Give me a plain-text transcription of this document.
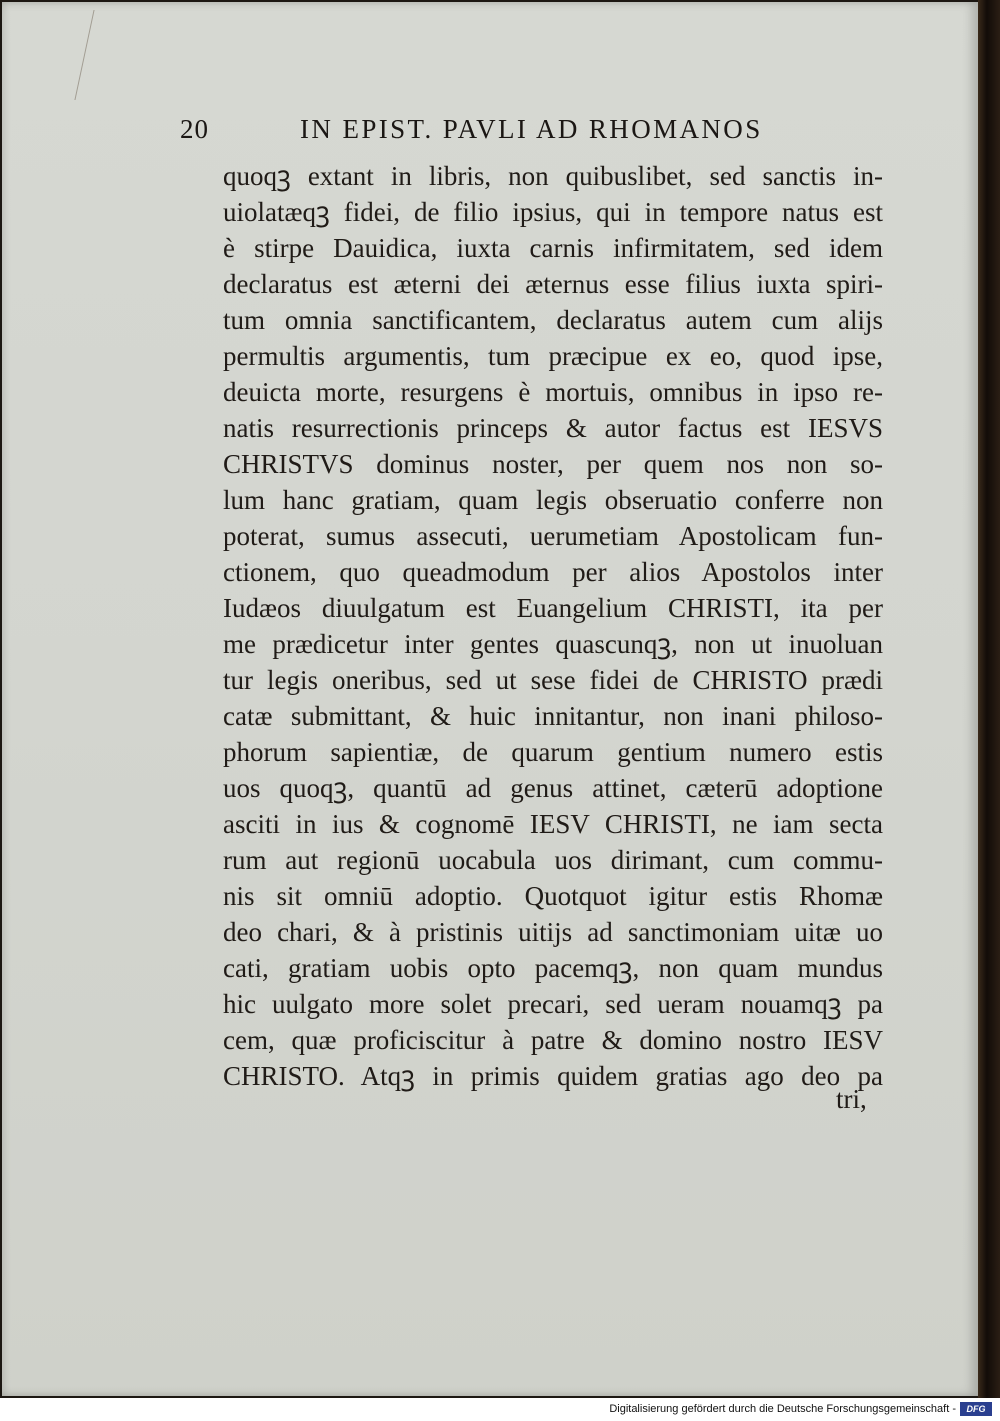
20	IN EPIST. PAVLI AD RHOMANOS
quoqꝫ extant in libris, non quibuslibet, sed sanctis in-
uiolatæqꝫ fidei, de filio ipsius, qui in tempore natus est
è stirpe Dauidica, iuxta carnis infirmitatem, sed idem
declaratus est æterni dei æternus esse filius iuxta spiri-
tum omnia sanctificantem, declaratus autem cum alijs
permultis argumentis, tum præcipue ex eo, quod ipse,
deuicta morte, resurgens è mortuis, omnibus in ipso re-
natis resurrectionis princeps & autor factus est IESVS
CHRISTVS dominus noster, per quem nos non so-
lum hanc gratiam, quam legis obseruatio conferre non
poterat, sumus assecuti, uerumetiam Apostolicam fun-
ctionem, quo queadmodum per alios Apostolos inter
Iudæos diuulgatum est Euangelium CHRISTI, ita per
me prædicetur inter gentes quascunqꝫ, non ut inuoluan
tur legis oneribus, sed ut sese fidei de CHRISTO prædi
catæ submittant, & huic innitantur, non inani philoso-
phorum sapientiæ, de quarum gentium numero estis
uos quoqꝫ, quantū ad genus attinet, cæterū adoptione
asciti in ius & cognomē IESV CHRISTI, ne iam secta
rum aut regionū uocabula uos dirimant, cum commu-
nis sit omniū adoptio. Quotquot igitur estis Rhomæ
deo chari, & à pristinis uitijs ad sanctimoniam uitæ uo
cati, gratiam uobis opto pacemqꝫ, non quam mundus
hic uulgato more solet precari, sed ueram nouamqꝫ pa
cem, quæ proficiscitur à patre & domino nostro IESV
CHRISTO. Atqꝫ in primis quidem gratias ago deo pa
tri,
Digitalisierung gefördert durch die Deutsche Forschungsgemeinschaft -	DFG
